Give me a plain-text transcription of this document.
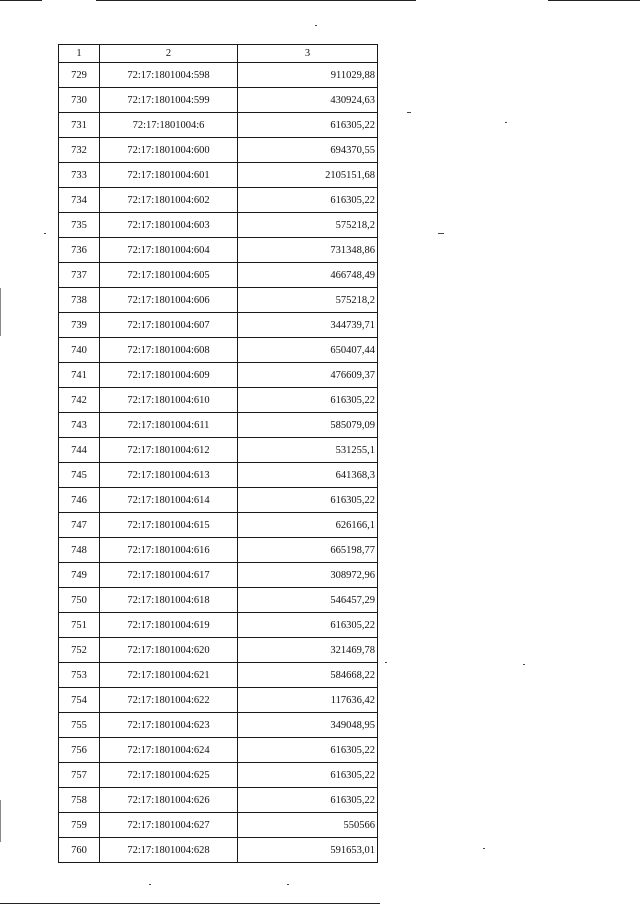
1	2	3
729	72:17:1801004:598	911029,88
730	72:17:1801004:599	430924,63
731	72:17:1801004:6	616305,22
732	72:17:1801004:600	694370,55
733	72:17:1801004:601	2105151,68
734	72:17:1801004:602	616305,22
735	72:17:1801004:603	575218,2
736	72:17:1801004:604	731348,86
737	72:17:1801004:605	466748,49
738	72:17:1801004:606	575218,2
739	72:17:1801004:607	344739,71
740	72:17:1801004:608	650407,44
741	72:17:1801004:609	476609,37
742	72:17:1801004:610	616305,22
743	72:17:1801004:611	585079,09
744	72:17:1801004:612	531255,1
745	72:17:1801004:613	641368,3
746	72:17:1801004:614	616305,22
747	72:17:1801004:615	626166,1
748	72:17:1801004:616	665198,77
749	72:17:1801004:617	308972,96
750	72:17:1801004:618	546457,29
751	72:17:1801004:619	616305,22
752	72:17:1801004:620	321469,78
753	72:17:1801004:621	584668,22
754	72:17:1801004:622	117636,42
755	72:17:1801004:623	349048,95
756	72:17:1801004:624	616305,22
757	72:17:1801004:625	616305,22
758	72:17:1801004:626	616305,22
759	72:17:1801004:627	550566
760	72:17:1801004:628	591653,01
